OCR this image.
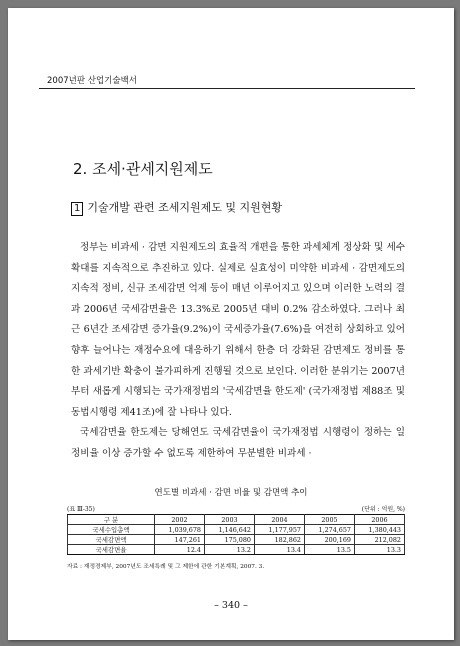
2007년판 산업기술백서
2. 조세·관세지원제도
1 기술개발 관련 조세지원제도 및 지원현황

정부는 비과세 · 감면 지원제도의 효율적 개편을 통한 과세체계 정상화 및 세수 확대를 지속적으로 추진하고 있다. 실제로 실효성이 미약한 비과세 · 감면제도의 지속적 정비, 신규 조세감면 억제 등이 매년 이루어지고 있으며 이러한 노력의 결과 2006년 국세감면율은 13.3%로 2005년 대비 0.2% 감소하였다. 그러나 최근 6년간 조세감면 증가율(9.2%)이 국세증가율(7.6%)을 여전히 상회하고 있어 향후 늘어나는 재정수요에 대응하기 위해서 한층 더 강화된 감면제도 정비를 통한 과세기반 확충이 불가피하게 진행될 것으로 보인다. 이러한 분위기는 2007년부터 새롭게 시행되는 국가재정법의 '국세감면율 한도제' (국가재정법 제88조 및 동법시행령 제41조)에 잘 나타나 있다.

국세감면율 한도제는 당해연도 국세감면율이 국가재정법 시행령이 정하는 일정비율 이상 증가할 수 없도록 제한하여 무분별한 비과세 ·

연도별 비과세 · 감면 비율 및 감면액 추이
(표 Ⅲ-35)	(단위 : 억원, %)
구 분	2002	2003	2004	2005	2006
국세수입총액	1,039,678	1,146,642	1,177,957	1,274,657	1,380,443
국세감면액	147,261	175,080	182,862	200,169	212,082
국세감면율	12.4	13.2	13.4	13.5	13.3
자료 : 재정경제부, 2007년도 조세특례 및 그 제한에 관한 기본계획, 2007. 3.
– 340 –
